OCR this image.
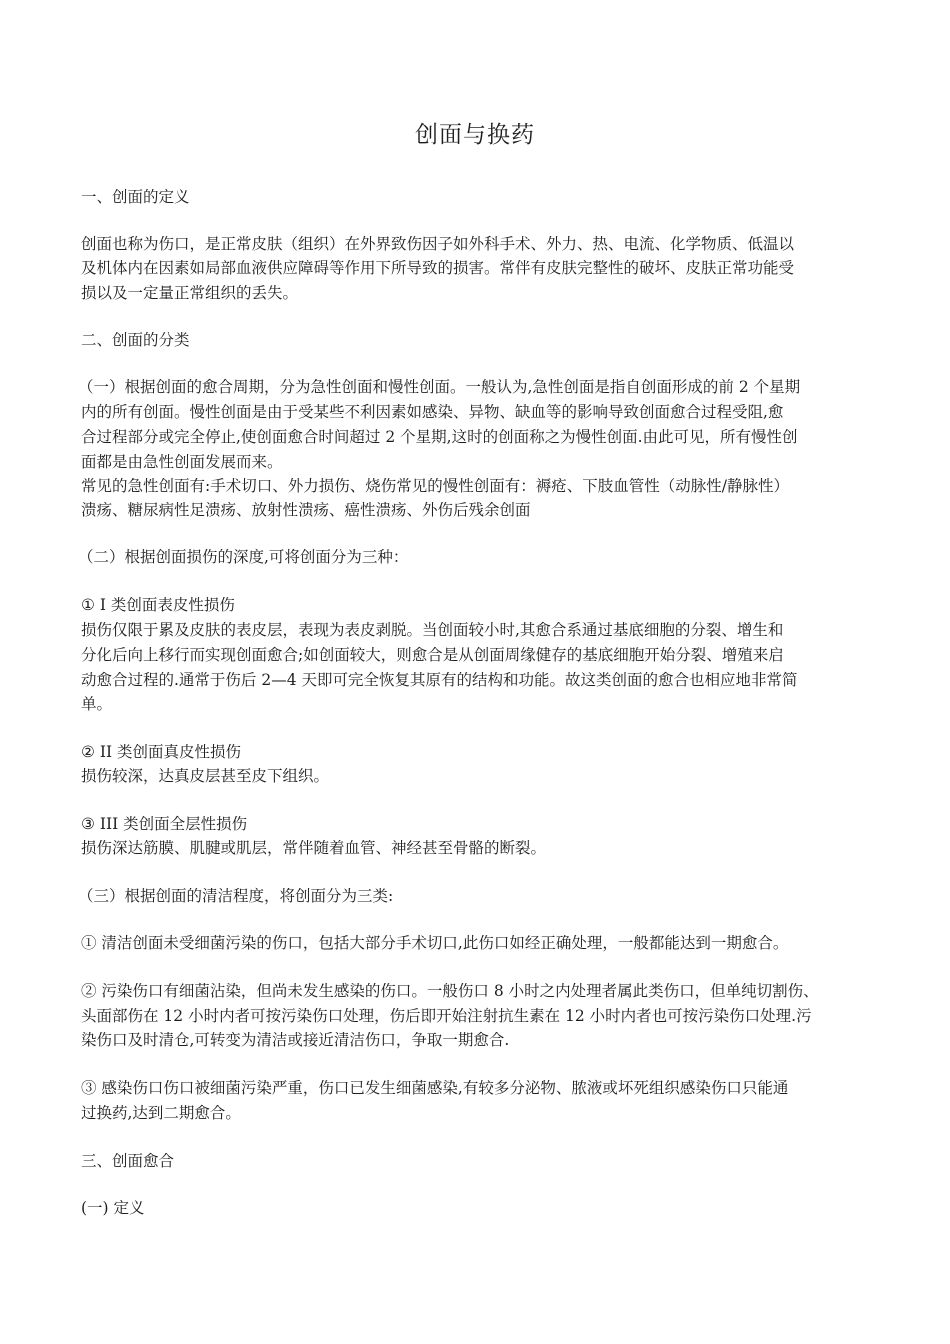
创面与换药
一、创面的定义
创面也称为伤口，是正常皮肤（组织）在外界致伤因子如外科手术、外力、热、电流、化学物质、低温以
及机体内在因素如局部血液供应障碍等作用下所导致的损害。常伴有皮肤完整性的破坏、皮肤正常功能受
损以及一定量正常组织的丢失。
二、创面的分类
（一）根据创面的愈合周期，分为急性创面和慢性创面。一般认为,急性创面是指自创面形成的前 2 个星期
内的所有创面。慢性创面是由于受某些不利因素如感染、异物、缺血等的影响导致创面愈合过程受阻,愈
合过程部分或完全停止,使创面愈合时间超过 2 个星期,这时的创面称之为慢性创面.由此可见，所有慢性创
面都是由急性创面发展而来。
常见的急性创面有:手术切口、外力损伤、烧伤常见的慢性创面有：褥疮、下肢血管性（动脉性/静脉性）
溃疡、糖尿病性足溃疡、放射性溃疡、癌性溃疡、外伤后残余创面
（二）根据创面损伤的深度,可将创面分为三种：
① I 类创面表皮性损伤
损伤仅限于累及皮肤的表皮层，表现为表皮剥脱。当创面较小时,其愈合系通过基底细胞的分裂、增生和
分化后向上移行而实现创面愈合;如创面较大，则愈合是从创面周缘健存的基底细胞开始分裂、增殖来启
动愈合过程的.通常于伤后 2—4 天即可完全恢复其原有的结构和功能。故这类创面的愈合也相应地非常简
单。
② II 类创面真皮性损伤
损伤较深，达真皮层甚至皮下组织。
③ III 类创面全层性损伤
损伤深达筋膜、肌腱或肌层，常伴随着血管、神经甚至骨骼的断裂。
（三）根据创面的清洁程度，将创面分为三类:
① 清洁创面未受细菌污染的伤口，包括大部分手术切口,此伤口如经正确处理，一般都能达到一期愈合。
② 污染伤口有细菌沾染，但尚未发生感染的伤口。一般伤口 8 小时之内处理者属此类伤口，但单纯切割伤、
头面部伤在 12 小时内者可按污染伤口处理，伤后即开始注射抗生素在 12 小时内者也可按污染伤口处理.污
染伤口及时清仓,可转变为清洁或接近清洁伤口，争取一期愈合.
③ 感染伤口伤口被细菌污染严重，伤口已发生细菌感染,有较多分泌物、脓液或坏死组织感染伤口只能通
过换药,达到二期愈合。
三、创面愈合
(一) 定义
